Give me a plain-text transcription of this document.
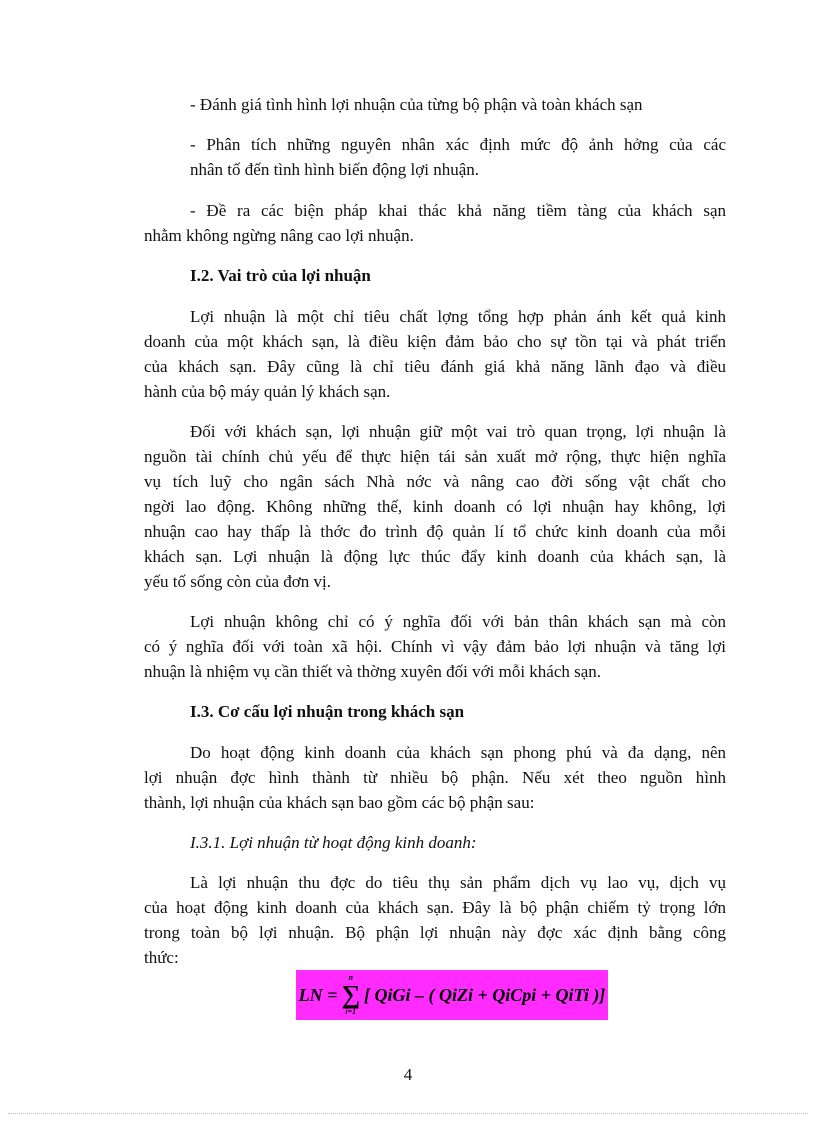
- Đánh giá tình hình lợi nhuận của từng bộ phận và toàn khách sạn
- Phân tích những nguyên nhân xác định mức độ ảnh hởng của các
nhân tố đến tình hình biến động lợi nhuận.
- Đề ra các biện pháp khai thác khả năng tiềm tàng của khách sạn
nhằm không ngừng nâng cao lợi nhuận.
I.2. Vai trò của lợi nhuận
Lợi nhuận là một chỉ tiêu chất lợng tổng hợp phản ánh kết quả kinh
doanh của một khách sạn, là điều kiện đảm bảo cho sự tồn tại và phát triển
của khách sạn. Đây cũng là chỉ tiêu đánh giá khả năng lãnh đạo và điều
hành của bộ máy quản lý khách sạn.
Đối với khách sạn, lợi nhuận giữ một vai trò quan trọng, lợi nhuận là
nguồn tài chính chủ yếu để thực hiện tái sản xuất mở rộng, thực hiện nghĩa
vụ tích luỹ cho ngân sách Nhà nớc và nâng cao đời sống vật chất cho
ngời lao động. Không những thế, kinh doanh có lợi nhuận hay không, lợi
nhuận cao hay thấp là thớc đo trình độ quản lí tổ chức kinh doanh của mỗi
khách sạn. Lợi nhuận là động lực thúc đẩy kinh doanh của khách sạn, là
yếu tố sống còn của đơn vị.
Lợi nhuận không chỉ có ý nghĩa đối với bản thân khách sạn mà còn
có ý nghĩa đối với toàn xã hội. Chính vì vậy đảm bảo lợi nhuận và tăng lợi
nhuận là nhiệm vụ cần thiết và thờng xuyên đối với mỗi khách sạn.
I.3. Cơ cấu lợi nhuận trong khách sạn
Do hoạt động kinh doanh của khách sạn phong phú và đa dạng, nên
lợi nhuận đợc hình thành từ nhiều bộ phận. Nếu xét theo nguồn hình
thành, lợi nhuận của khách sạn bao gồm các bộ phận sau:
I.3.1. Lợi nhuận từ hoạt động kinh doanh:
Là lợi nhuận thu đợc do tiêu thụ sản phẩm dịch vụ lao vụ, dịch vụ
của hoạt động kinh doanh của khách sạn. Đây là bộ phận chiếm tỷ trọng lớn
trong toàn bộ lợi nhuận. Bộ phận lợi nhuận này đợc xác định bằng công
thức:
LN =
n
∑
i=1
[ QiGi – ( QiZi + QiCpi + QiTi )]
4
